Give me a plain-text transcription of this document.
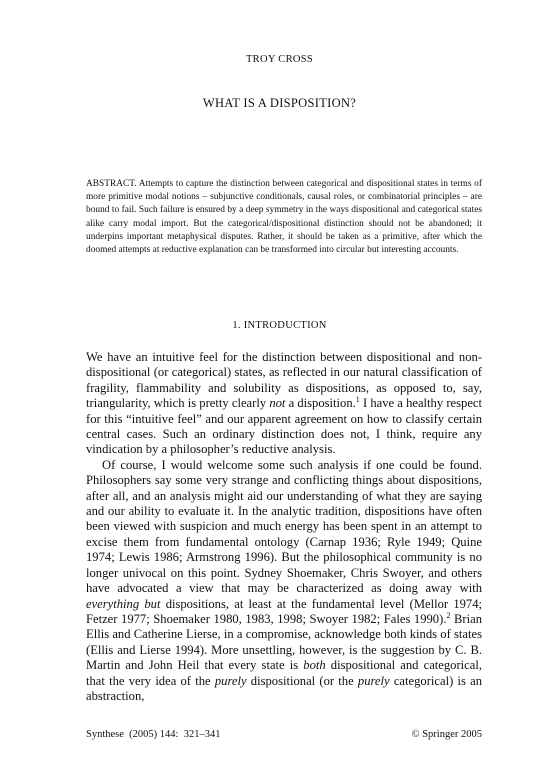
TROY CROSS
WHAT IS A DISPOSITION?
ABSTRACT. Attempts to capture the distinction between categorical and dispositional states in terms of more primitive modal notions – subjunctive conditionals, causal roles, or combinatorial principles – are bound to fail. Such failure is ensured by a deep symmetry in the ways dispositional and categorical states alike carry modal import. But the categorical/dispositional distinction should not be abandoned; it underpins important metaphysical disputes. Rather, it should be taken as a primitive, after which the doomed attempts at reductive explanation can be transformed into circular but interesting accounts.
1. INTRODUCTION

We have an intuitive feel for the distinction between dispositional and non-dispositional (or categorical) states, as reflected in our natural classification of fragility, flammability and solubility as dispositions, as opposed to, say, triangularity, which is pretty clearly not a disposition.$^1$ I have a healthy respect for this “intuitive feel” and our apparent agreement on how to classify certain central cases. Such an ordinary distinction does not, I think, require any vindication by a philosopher’s reductive analysis.

Of course, I would welcome some such analysis if one could be found. Philosophers say some very strange and conflicting things about dispositions, after all, and an analysis might aid our understanding of what they are saying and our ability to evaluate it. In the analytic tradition, dispositions have often been viewed with suspicion and much energy has been spent in an attempt to excise them from fundamental ontology (Carnap 1936; Ryle 1949; Quine 1974; Lewis 1986; Armstrong 1996). But the philosophical community is no longer univocal on this point. Sydney Shoemaker, Chris Swoyer, and others have advocated a view that may be characterized as doing away with everything but dispositions, at least at the fundamental level (Mellor 1974; Fetzer 1977; Shoemaker 1980, 1983, 1998; Swoyer 1982; Fales 1990).$^2$ Brian Ellis and Catherine Lierse, in a compromise, acknowledge both kinds of states (Ellis and Lierse 1994). More unsettling, however, is the suggestion by C. B. Martin and John Heil that every state is both dispositional and categorical, that the very idea of the purely dispositional (or the purely categorical) is an abstraction,

Synthese  (2005) 144:  321–341	© Springer 2005
